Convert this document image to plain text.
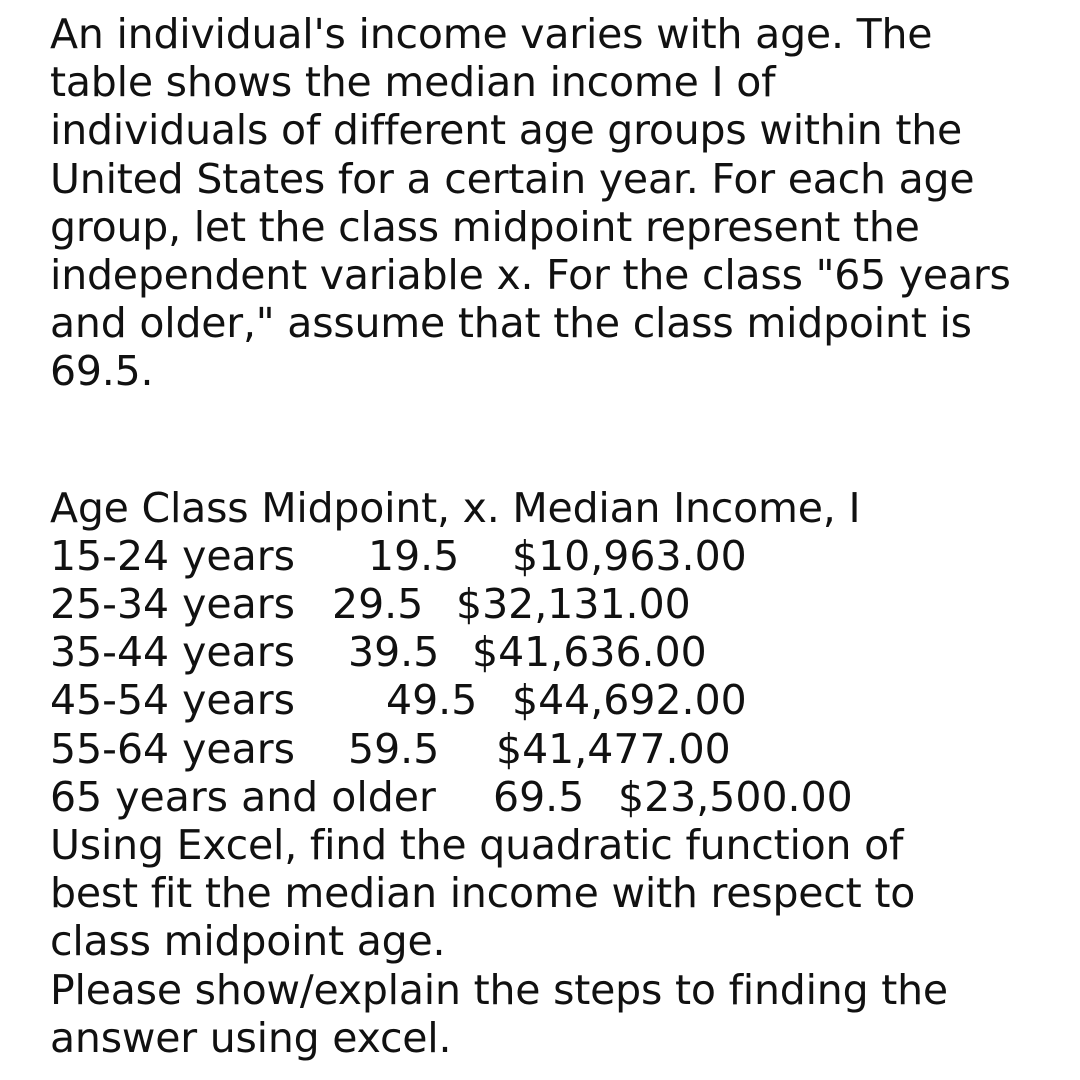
An individual's income varies with age. The
table shows the median income I of
individuals of different age groups within the
United States for a certain year. For each age
group, let the class midpoint represent the
independent variable x. For the class "65 years
and older," assume that the class midpoint is
69.5.
Age Class Midpoint, x. Median Income, I

15-24 years

19.5

$10,963.00

25-34 years

29.5

$32,131.00

35-44 years

39.5

$41,636.00

45-54 years

49.5

$44,692.00

55-64 years

59.5

$41,477.00

65 years and older

69.5

$23,500.00

Using Excel, find the quadratic function of
best fit the median income with respect to
class midpoint age.
Please show/explain the steps to finding the
answer using excel.
